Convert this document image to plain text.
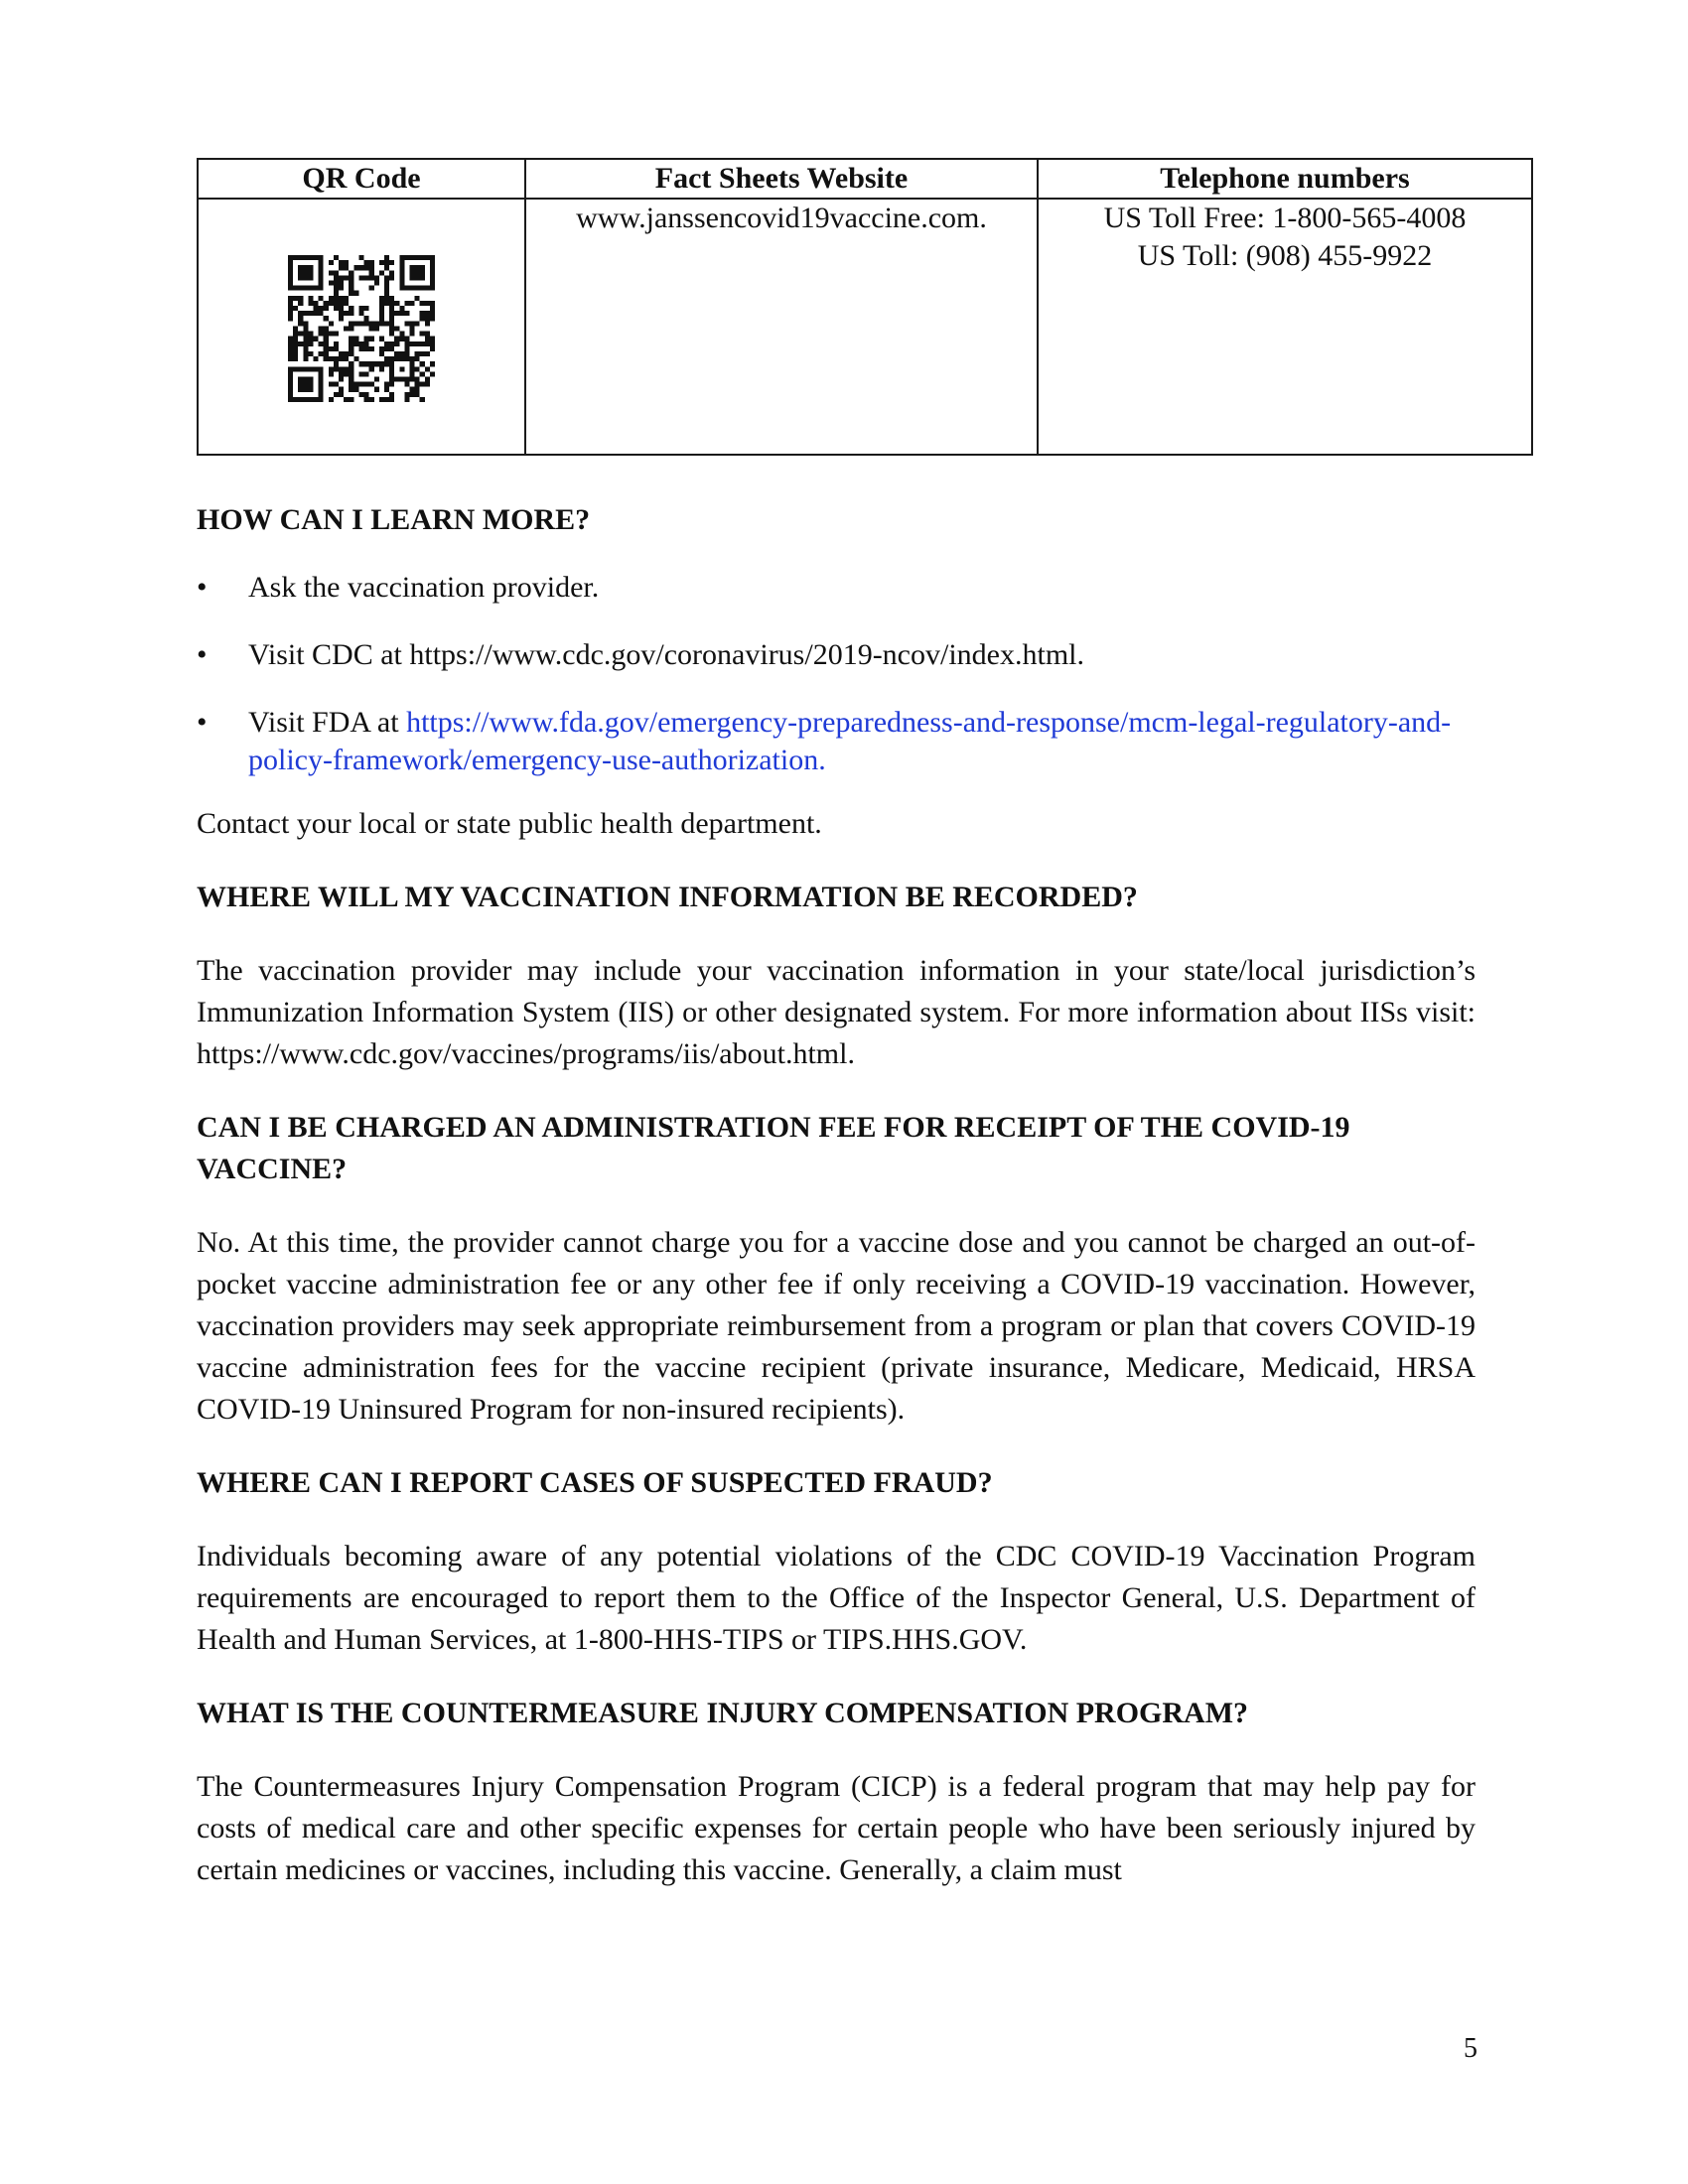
QR Code	Fact Sheets Website	Telephone numbers

	www.janssencovid19vaccine.com.	US Toll Free: 1-800-565-4008
US Toll: (908) 455-9922
HOW CAN I LEARN MORE?
• Ask the vaccination provider.
• Visit CDC at https://www.cdc.gov/coronavirus/2019-ncov/index.html.
• Visit FDA at https://www.fda.gov/emergency-preparedness-and-response/mcm-legal-regulatory-and-policy-framework/emergency-use-authorization.

Contact your local or state public health department.

WHERE WILL MY VACCINATION INFORMATION BE RECORDED?

The vaccination provider may include your vaccination information in your state/local jurisdiction’s Immunization Information System (IIS) or other designated system. For more information about IISs visit: https://www.cdc.gov/vaccines/programs/iis/about.html.

CAN I BE CHARGED AN ADMINISTRATION FEE FOR RECEIPT OF THE COVID-19 VACCINE?

No. At this time, the provider cannot charge you for a vaccine dose and you cannot be charged an out-of-pocket vaccine administration fee or any other fee if only receiving a COVID-19 vaccination. However, vaccination providers may seek appropriate reimbursement from a program or plan that covers COVID-19 vaccine administration fees for the vaccine recipient (private insurance, Medicare, Medicaid, HRSA COVID-19 Uninsured Program for non-insured recipients).

WHERE CAN I REPORT CASES OF SUSPECTED FRAUD?

Individuals becoming aware of any potential violations of the CDC COVID-19 Vaccination Program requirements are encouraged to report them to the Office of the Inspector General, U.S. Department of Health and Human Services, at 1-800-HHS-TIPS or TIPS.HHS.GOV.

WHAT IS THE COUNTERMEASURE INJURY COMPENSATION PROGRAM?

The Countermeasures Injury Compensation Program (CICP) is a federal program that may help pay for costs of medical care and other specific expenses for certain people who have been seriously injured by certain medicines or vaccines, including this vaccine. Generally, a claim must

5
